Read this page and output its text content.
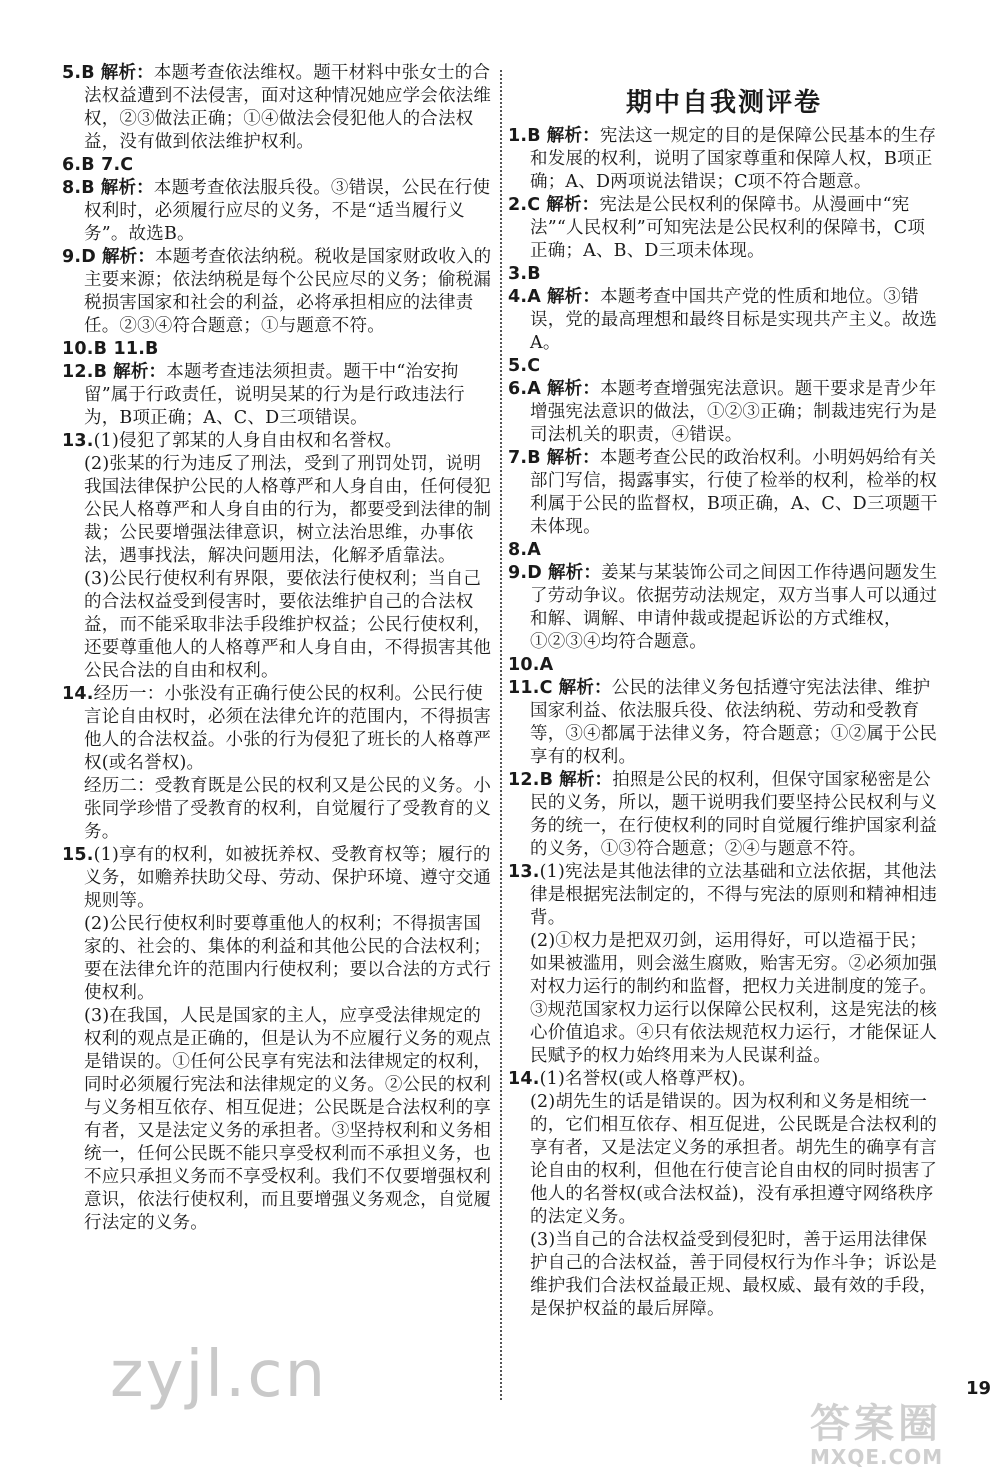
5.B 解析：本题考查依法维权。题干材料中张女士的合法权益遭到不法侵害，面对这种情况她应学会依法维权，②③做法正确；①④做法会侵犯他人的合法权益，没有做到依法维护权利。

6.B 7.C

8.B 解析：本题考查依法服兵役。③错误，公民在行使权利时，必须履行应尽的义务，不是“适当履行义务”。故选B。

9.D 解析：本题考查依法纳税。税收是国家财政收入的主要来源；依法纳税是每个公民应尽的义务；偷税漏税损害国家和社会的利益，必将承担相应的法律责任。②③④符合题意；①与题意不符。

10.B 11.B

12.B 解析：本题考查违法须担责。题干中“治安拘留”属于行政责任，说明吴某的行为是行政违法行为，B项正确；A、C、D三项错误。

13.(1)侵犯了郭某的人身自由权和名誉权。

(2)张某的行为违反了刑法，受到了刑罚处罚，说明我国法律保护公民的人格尊严和人身自由，任何侵犯公民人格尊严和人身自由的行为，都要受到法律的制裁；公民要增强法律意识，树立法治思维，办事依法，遇事找法，解决问题用法，化解矛盾靠法。

(3)公民行使权利有界限，要依法行使权利；当自己的合法权益受到侵害时，要依法维护自己的合法权益，而不能采取非法手段维护权益；公民行使权利，还要尊重他人的人格尊严和人身自由，不得损害其他公民合法的自由和权利。

14.经历一：小张没有正确行使公民的权利。公民行使言论自由权时，必须在法律允许的范围内，不得损害他人的合法权益。小张的行为侵犯了班长的人格尊严权(或名誉权)。

经历二：受教育既是公民的权利又是公民的义务。小张同学珍惜了受教育的权利，自觉履行了受教育的义务。

15.(1)享有的权利，如被抚养权、受教育权等；履行的义务，如赡养扶助父母、劳动、保护环境、遵守交通规则等。

(2)公民行使权利时要尊重他人的权利；不得损害国家的、社会的、集体的利益和其他公民的合法权利；要在法律允许的范围内行使权利；要以合法的方式行使权利。

(3)在我国，人民是国家的主人，应享受法律规定的权利的观点是正确的，但是认为不应履行义务的观点是错误的。①任何公民享有宪法和法律规定的权利，同时必须履行宪法和法律规定的义务。②公民的权利与义务相互依存、相互促进；公民既是合法权利的享有者，又是法定义务的承担者。③坚持权利和义务相统一，任何公民既不能只享受权利而不承担义务，也不应只承担义务而不享受权利。我们不仅要增强权利意识，依法行使权利，而且要增强义务观念，自觉履行法定的义务。

期中自我测评卷

1.B 解析：宪法这一规定的目的是保障公民基本的生存和发展的权利，说明了国家尊重和保障人权，B项正确；A、D两项说法错误；C项不符合题意。

2.C 解析：宪法是公民权利的保障书。从漫画中“宪法”“人民权利”可知宪法是公民权利的保障书，C项正确；A、B、D三项未体现。

3.B

4.A 解析：本题考查中国共产党的性质和地位。③错误，党的最高理想和最终目标是实现共产主义。故选A。

5.C

6.A 解析：本题考查增强宪法意识。题干要求是青少年增强宪法意识的做法，①②③正确；制裁违宪行为是司法机关的职责，④错误。

7.B 解析：本题考查公民的政治权利。小明妈妈给有关部门写信，揭露事实，行使了检举的权利，检举的权利属于公民的监督权，B项正确，A、C、D三项题干未体现。

8.A

9.D 解析：姜某与某装饰公司之间因工作待遇问题发生了劳动争议。依据劳动法规定，双方当事人可以通过和解、调解、申请仲裁或提起诉讼的方式维权，①②③④均符合题意。

10.A

11.C 解析：公民的法律义务包括遵守宪法法律、维护国家利益、依法服兵役、依法纳税、劳动和受教育等，③④都属于法律义务，符合题意；①②属于公民享有的权利。

12.B 解析：拍照是公民的权利，但保守国家秘密是公民的义务，所以，题干说明我们要坚持公民权利与义务的统一，在行使权利的同时自觉履行维护国家利益的义务，①③符合题意；②④与题意不符。

13.(1)宪法是其他法律的立法基础和立法依据，其他法律是根据宪法制定的，不得与宪法的原则和精神相违背。

(2)①权力是把双刃剑，运用得好，可以造福于民；如果被滥用，则会滋生腐败，贻害无穷。②必须加强对权力运行的制约和监督，把权力关进制度的笼子。③规范国家权力运行以保障公民权利，这是宪法的核心价值追求。④只有依法规范权力运行，才能保证人民赋予的权力始终用来为人民谋利益。

14.(1)名誉权(或人格尊严权)。

(2)胡先生的话是错误的。因为权利和义务是相统一的，它们相互依存、相互促进，公民既是合法权利的享有者，又是法定义务的承担者。胡先生的确享有言论自由的权利，但他在行使言论自由权的同时损害了他人的名誉权(或合法权益)，没有承担遵守网络秩序的法定义务。

(3)当自己的合法权益受到侵犯时，善于运用法律保护自己的合法权益，善于同侵权行为作斗争；诉讼是维护我们合法权益最正规、最权威、最有效的手段，是保护权益的最后屏障。

zyjl.cn	19
答案圈
MXQE.COM
